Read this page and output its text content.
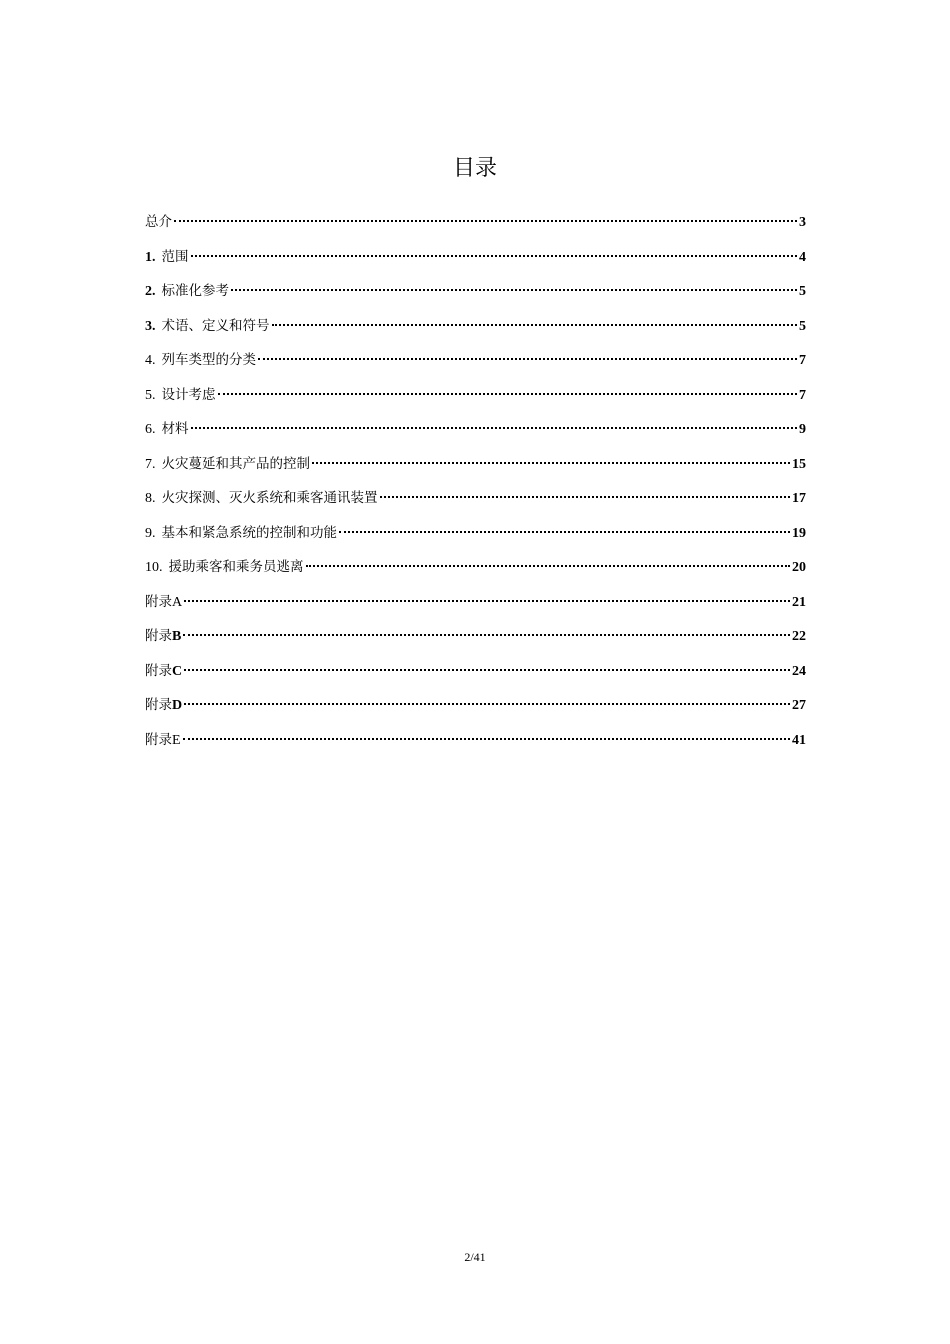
目录
总介	3
1. 范围	4
2. 标准化参考	5
3. 术语、定义和符号	5
4. 列车类型的分类	7
5. 设计考虑	7
6. 材料	9
7. 火灾蔓延和其产品的控制	15
8. 火灾探测、灭火系统和乘客通讯装置	17
9. 基本和紧急系统的控制和功能	19
10. 援助乘客和乘务员逃离	20
附录 A	21
附录 B	22
附录 C	24
附录 D	27
附录 E	41
2/41
